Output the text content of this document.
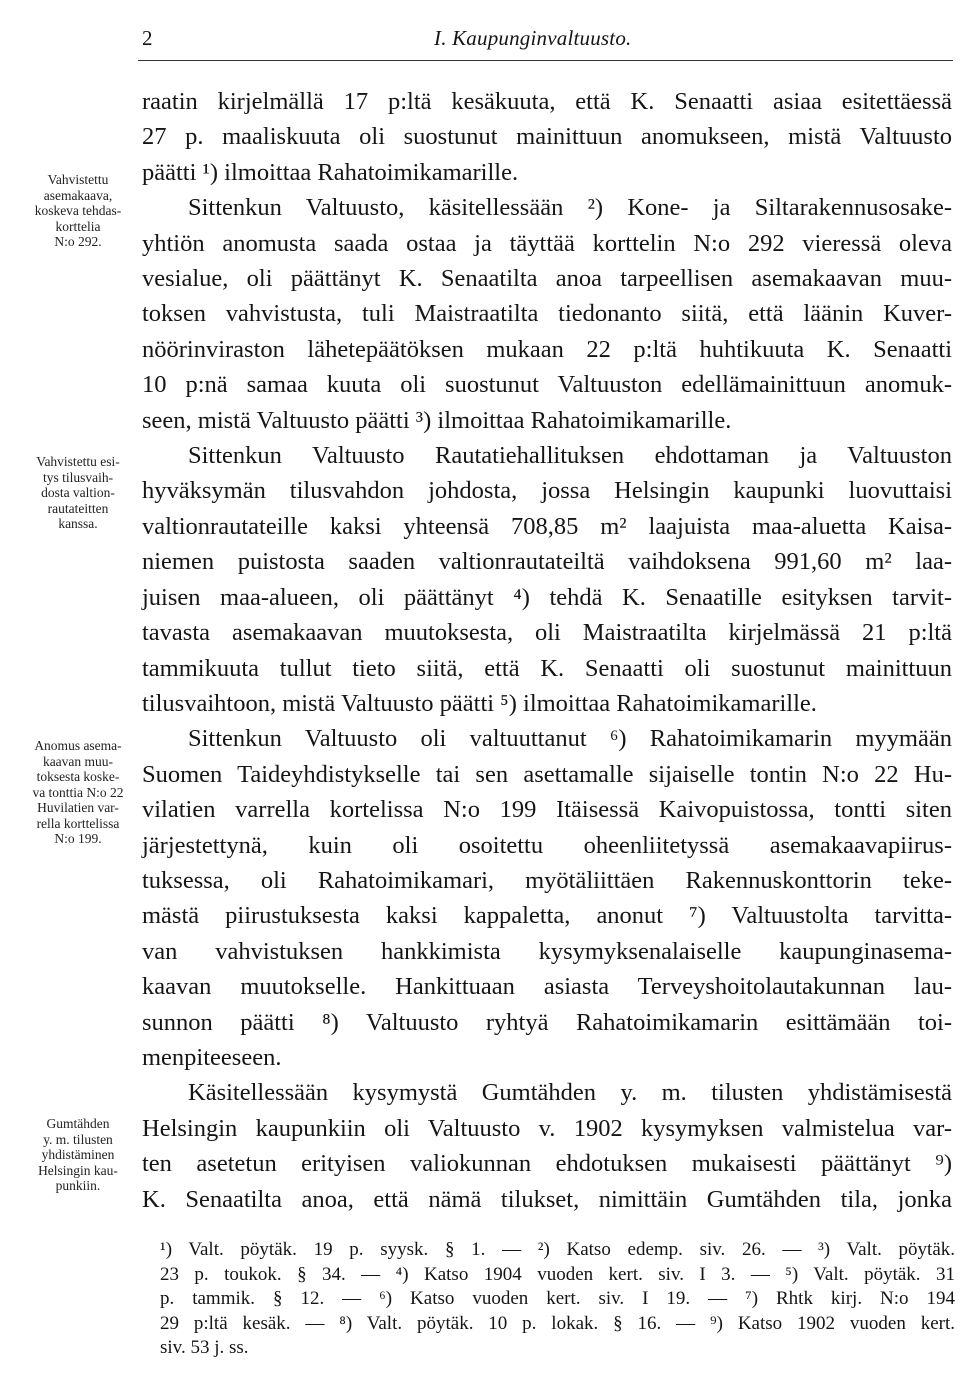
2	I. Kaupunginvaltuusto.
Vahvistettu
asemakaava,
koskeva tehdas-
korttelia
N:o 292.
Vahvistettu esi-
tys tilusvaih-
dosta valtion-
rautateitten
kanssa.
Anomus asema-
kaavan muu-
toksesta koske-
va tonttia N:o 22
Huvilatien var-
rella korttelissa
N:o 199.
Gumtähden
y. m. tilusten
yhdistäminen
Helsingin kau-
punkiin.

raatin kirjelmällä 17 p:ltä kesäkuuta, että K. Senaatti asiaa esitettäessä
27 p. maaliskuuta oli suostunut mainittuun anomukseen, mistä Valtuusto
päätti ¹) ilmoittaa Rahatoimikamarille.

Sittenkun Valtuusto, käsitellessään ²) Kone- ja Siltarakennusosake-
yhtiön anomusta saada ostaa ja täyttää korttelin N:o 292 vieressä oleva
vesialue, oli päättänyt K. Senaatilta anoa tarpeellisen asemakaavan muu-
toksen vahvistusta, tuli Maistraatilta tiedonanto siitä, että läänin Kuver-
nöörinviraston lähetepäätöksen mukaan 22 p:ltä huhtikuuta K. Senaatti
10 p:nä samaa kuuta oli suostunut Valtuuston edellämainittuun anomuk-
seen, mistä Valtuusto päätti ³) ilmoittaa Rahatoimikamarille.

Sittenkun Valtuusto Rautatiehallituksen ehdottaman ja Valtuuston
hyväksymän tilusvahdon johdosta, jossa Helsingin kaupunki luovuttaisi
valtionrautateille kaksi yhteensä 708,85 m² laajuista maa-aluetta Kaisa-
niemen puistosta saaden valtionrautateiltä vaihdoksena 991,60 m² laa-
juisen maa-alueen, oli päättänyt ⁴) tehdä K. Senaatille esityksen tarvit-
tavasta asemakaavan muutoksesta, oli Maistraatilta kirjelmässä 21 p:ltä
tammikuuta tullut tieto siitä, että K. Senaatti oli suostunut mainittuun
tilusvaihtoon, mistä Valtuusto päätti ⁵) ilmoittaa Rahatoimikamarille.

Sittenkun Valtuusto oli valtuuttanut ⁶) Rahatoimikamarin myymään
Suomen Taideyhdistykselle tai sen asettamalle sijaiselle tontin N:o 22 Hu-
vilatien varrella kortelissa N:o 199 Itäisessä Kaivopuistossa, tontti siten
järjestettynä, kuin oli osoitettu oheenliitetyssä asemakaavapiirus-
tuksessa, oli Rahatoimikamari, myötäliittäen Rakennuskonttorin teke-
mästä piirustuksesta kaksi kappaletta, anonut ⁷) Valtuustolta tarvitta-
van vahvistuksen hankkimista kysymyksenalaiselle kaupunginasema-
kaavan muutokselle. Hankittuaan asiasta Terveyshoitolautakunnan lau-
sunnon päätti ⁸) Valtuusto ryhtyä Rahatoimikamarin esittämään toi-
menpiteeseen.

Käsitellessään kysymystä Gumtähden y. m. tilusten yhdistämisestä
Helsingin kaupunkiin oli Valtuusto v. 1902 kysymyksen valmistelua var-
ten asetetun erityisen valiokunnan ehdotuksen mukaisesti päättänyt ⁹)
K. Senaatilta anoa, että nämä tilukset, nimittäin Gumtähden tila, jonka

¹) Valt. pöytäk. 19 p. syysk. § 1. — ²) Katso edemp. siv. 26. — ³) Valt. pöytäk.
23 p. toukok. § 34. — ⁴) Katso 1904 vuoden kert. siv. I 3. — ⁵) Valt. pöytäk. 31
p. tammik. § 12. — ⁶) Katso vuoden kert. siv. I 19. — ⁷) Rhtk kirj. N:o 194
29 p:ltä kesäk. — ⁸) Valt. pöytäk. 10 p. lokak. § 16. — ⁹) Katso 1902 vuoden kert.
siv. 53 j. ss.
